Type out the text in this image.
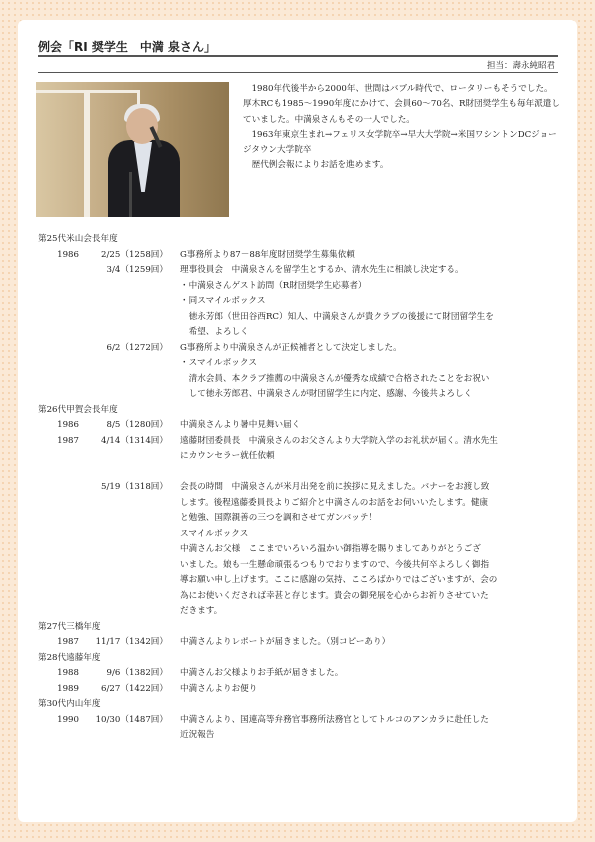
例会「RI 奨学生　中満 泉さん」
担当：壽永純昭君

1980年代後半から2000年、世間はバブル時代で、ロータリーもそうでした。厚木RCも1985～1990年度にかけて、会員60～70名、R財団奨学生も毎年派遣していました。中満泉さんもその一人でした。

1963年東京生まれ→フェリス女学院卒→早大大学院→米国ワシントンDCジョージタウン大学院卒

歴代例会報によりお話を進めます。

第25代米山会長年度
1986	2/25（1258回） G事務所より87－88年度財団奨学生募集依頼
3/4（1259回） 理事役員会　中満泉さんを留学生とするか、清水先生に相談し決定する。
・中満泉さんゲスト訪問（R財団奨学生応募者）
・同スマイルボックス
　徳永芳郎（世田谷西RC）知人、中満泉さんが貴クラブの後援にて財団留学生を
　希望、よろしく
6/2（1272回） G事務所より中満泉さんが正候補者として決定しました。
・スマイルボックス
　清水会員、本クラブ推薦の中満泉さんが優秀な成績で合格されたことをお祝い
　して徳永芳郎君、中満泉さんが財団留学生に内定、感謝、今後共よろしく
第26代甲賀会長年度
1986	8/5（1280回） 中満泉さんより暑中見舞い届く
1987	4/14（1314回） 遠藤財団委員長　中満泉さんのお父さんより大学院入学のお礼状が届く。清水先生
にカウンセラー就任依頼
5/19（1318回） 会長の時間　中満泉さんが米月出発を前に挨拶に見えました。バナーをお渡し致
します。後程遠藤委員長よりご紹介と中満さんのお話をお伺いいたします。健康
と勉強、国際親善の三つを調和させてガンバッテ！
スマイルボックス
中満さんお父様　ここまでいろいろ温かい御指導を賜りましてありがとうござ
いました。娘も一生懸命頑張るつもりでおりますので、今後共何卒よろしく御指
導お願い申し上げます。ここに感謝の気持、こころばかりではございますが、会の
為にお使いくだされば幸甚と存じます。貴会の御発展を心からお祈りさせていた
だきます。
第27代三橋年度
1987	11/17（1342回） 中満さんよりレポートが届きました。（別コピーあり）
第28代遠藤年度
1988	9/6（1382回） 中満さんお父様よりお手紙が届きました。
1989	6/27（1422回） 中満さんよりお便り
第30代内山年度
1990	10/30（1487回） 中満さんより、国連高等弁務官事務所法務官としてトルコのアンカラに赴任した
近況報告
